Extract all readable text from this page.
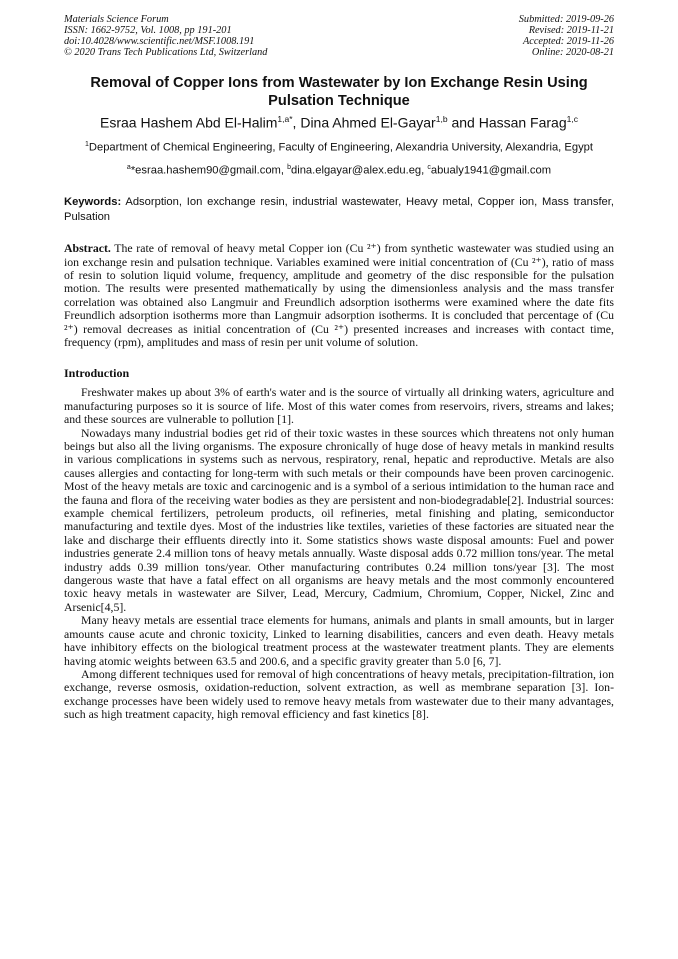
Materials Science Forum
ISSN: 1662-9752, Vol. 1008, pp 191-201
doi:10.4028/www.scientific.net/MSF.1008.191
© 2020 Trans Tech Publications Ltd, Switzerland
Submitted: 2019-09-26
Revised: 2019-11-21
Accepted: 2019-11-26
Online: 2020-08-21
Removal of Copper Ions from Wastewater by Ion Exchange Resin Using Pulsation Technique
Esraa Hashem Abd El-Halim$^{1,a*}$, Dina Ahmed El-Gayar$^{1,b}$ and Hassan Farag$^{1,c}$
$^1$Department of Chemical Engineering, Faculty of Engineering, Alexandria University, Alexandria, Egypt
$^a$*esraa.hashem90@gmail.com, $^b$dina.elgayar@alex.edu.eg, $^c$abualy1941@gmail.com
Keywords: Adsorption, Ion exchange resin, industrial wastewater, Heavy metal, Copper ion, Mass transfer, Pulsation

Abstract. The rate of removal of heavy metal Copper ion (Cu ²⁺) from synthetic wastewater was studied using an ion exchange resin and pulsation technique. Variables examined were initial concentration of (Cu ²⁺), ratio of mass of resin to solution liquid volume, frequency, amplitude and geometry of the disc responsible for the pulsation motion. The results were presented mathematically by using the dimensionless analysis and the mass transfer correlation was obtained also Langmuir and Freundlich adsorption isotherms were examined where the date fits Freundlich adsorption isotherms more than Langmuir adsorption isotherms. It is concluded that percentage of (Cu ²⁺) removal decreases as initial concentration of (Cu ²⁺) presented increases and increases with contact time, frequency (rpm), amplitudes and mass of resin per unit volume of solution.

Introduction

Freshwater makes up about 3% of earth's water and is the source of virtually all drinking waters, agriculture and manufacturing purposes so it is source of life. Most of this water comes from reservoirs, rivers, streams and lakes; and these sources are vulnerable to pollution [1].

Nowadays many industrial bodies get rid of their toxic wastes in these sources which threatens not only human beings but also all the living organisms. The exposure chronically of huge dose of heavy metals in mankind results in various complications in systems such as nervous, respiratory, renal, hepatic and reproductive. Metals are also causes allergies and contacting for long-term with such metals or their compounds have been proven carcinogenic. Most of the heavy metals are toxic and carcinogenic and is a symbol of a serious intimidation to the human race and the fauna and flora of the receiving water bodies as they are persistent and non-biodegradable[2]. Industrial sources: example chemical fertilizers, petroleum products, oil refineries, metal finishing and plating, semiconductor manufacturing and textile dyes. Most of the industries like textiles, varieties of these factories are situated near the lake and discharge their effluents directly into it. Some statistics shows waste disposal amounts: Fuel and power industries generate 2.4 million tons of heavy metals annually. Waste disposal adds 0.72 million tons/year. The metal industry adds 0.39 million tons/year. Other manufacturing contributes 0.24 million tons/year [3]. The most dangerous waste that have a fatal effect on all organisms are heavy metals and the most commonly encountered toxic heavy metals in wastewater are Silver, Lead, Mercury, Cadmium, Chromium, Copper, Nickel, Zinc and Arsenic[4,5].

Many heavy metals are essential trace elements for humans, animals and plants in small amounts, but in larger amounts cause acute and chronic toxicity, Linked to learning disabilities, cancers and even death. Heavy metals have inhibitory effects on the biological treatment process at the wastewater treatment plants. They are elements having atomic weights between 63.5 and 200.6, and a specific gravity greater than 5.0 [6, 7].

Among different techniques used for removal of high concentrations of heavy metals, precipitation-filtration, ion exchange, reverse osmosis, oxidation-reduction, solvent extraction, as well as membrane separation [3]. Ion-exchange processes have been widely used to remove heavy metals from wastewater due to their many advantages, such as high treatment capacity, high removal efficiency and fast kinetics [8].
